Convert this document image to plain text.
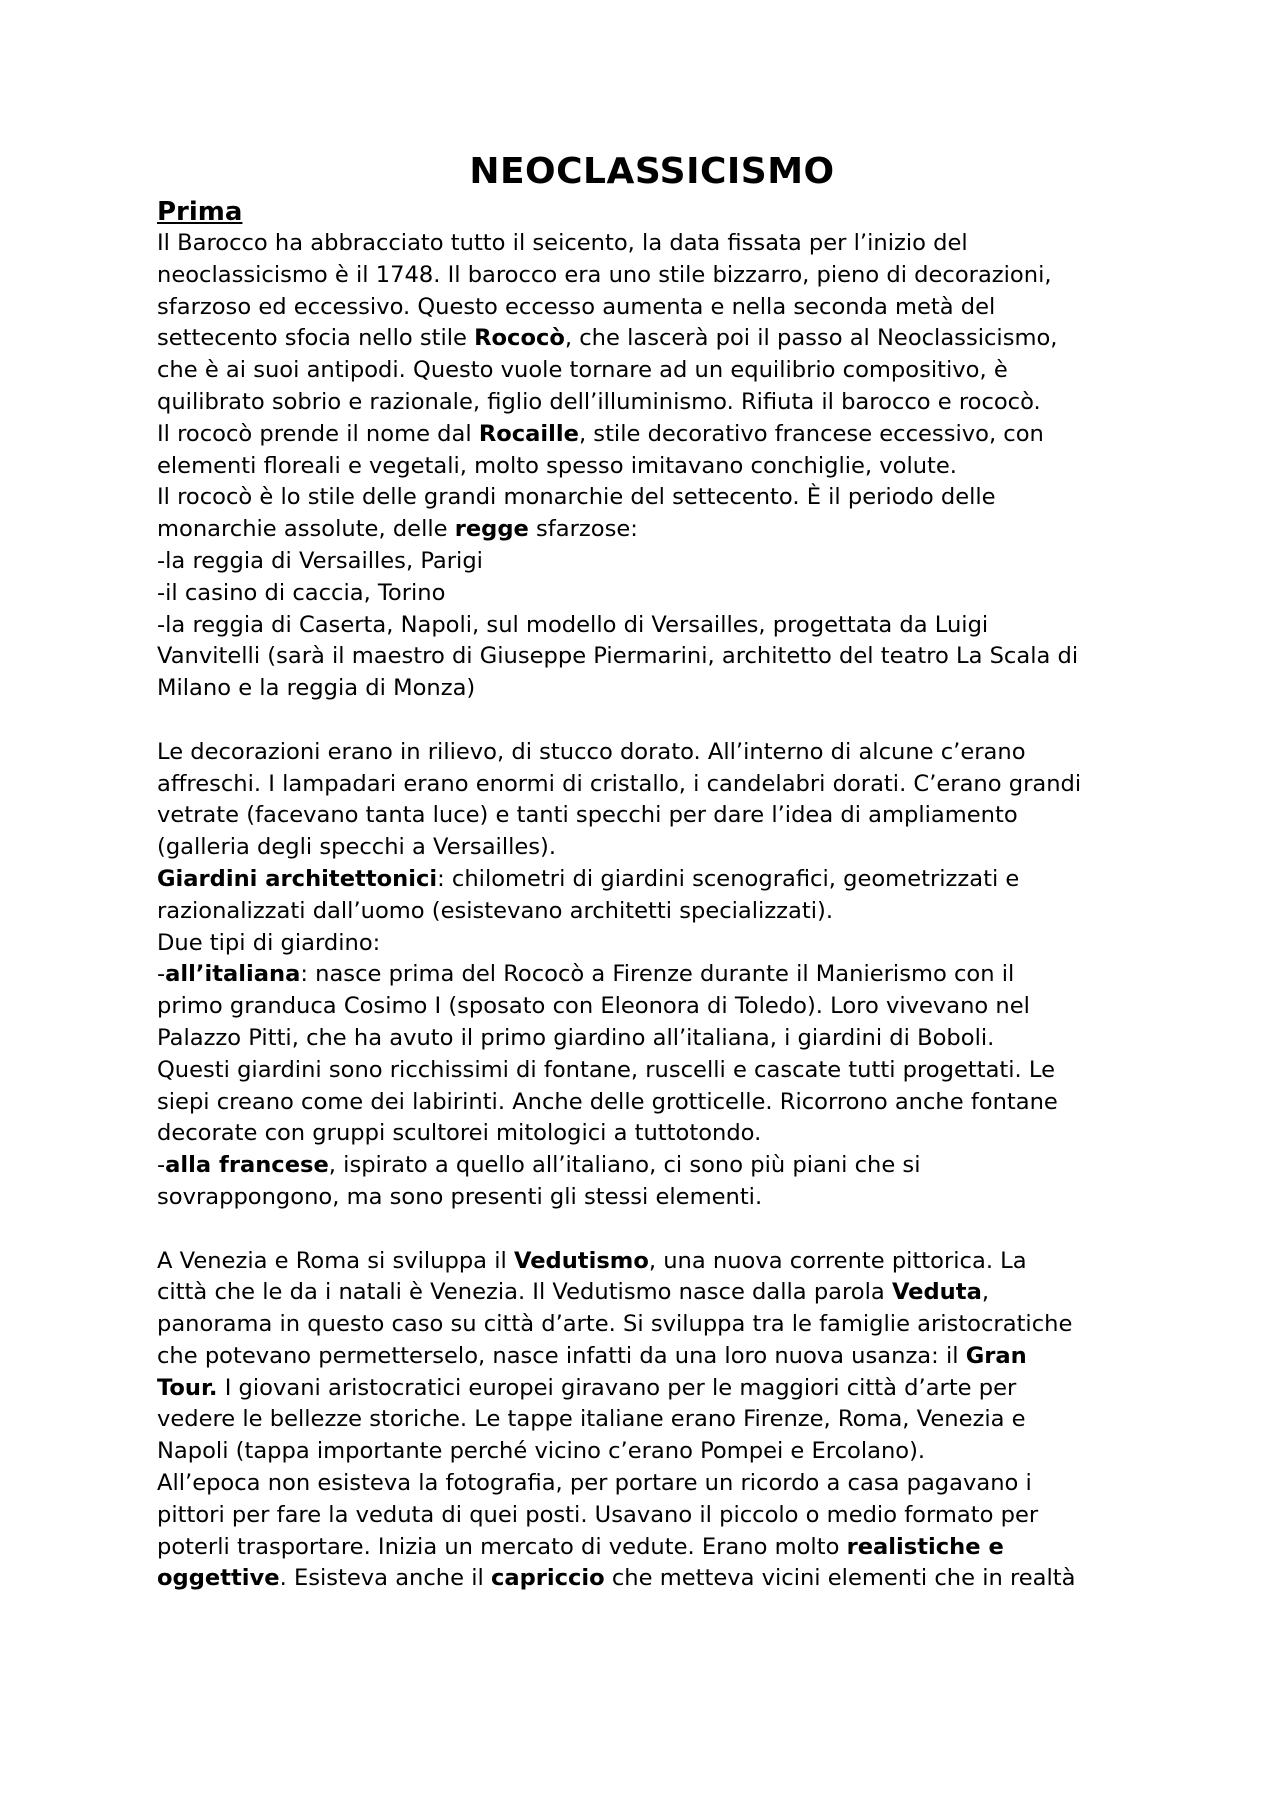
NEOCLASSICISMO
Prima
Il Barocco ha abbracciato tutto il seicento, la data fissata per l’inizio del
neoclassicismo è il 1748. Il barocco era uno stile bizzarro, pieno di decorazioni,
sfarzoso ed eccessivo. Questo eccesso aumenta e nella seconda metà del
settecento sfocia nello stile Rococò, che lascerà poi il passo al Neoclassicismo,
che è ai suoi antipodi. Questo vuole tornare ad un equilibrio compositivo, è
quilibrato sobrio e razionale, figlio dell’illuminismo. Rifiuta il barocco e rococò.
Il rococò prende il nome dal Rocaille, stile decorativo francese eccessivo, con
elementi floreali e vegetali, molto spesso imitavano conchiglie, volute.
Il rococò è lo stile delle grandi monarchie del settecento. È il periodo delle
monarchie assolute, delle regge sfarzose:
-la reggia di Versailles, Parigi
-il casino di caccia, Torino
-la reggia di Caserta, Napoli, sul modello di Versailles, progettata da Luigi
Vanvitelli (sarà il maestro di Giuseppe Piermarini, architetto del teatro La Scala di
Milano e la reggia di Monza)
Le decorazioni erano in rilievo, di stucco dorato. All’interno di alcune c’erano
affreschi. I lampadari erano enormi di cristallo, i candelabri dorati. C’erano grandi
vetrate (facevano tanta luce) e tanti specchi per dare l’idea di ampliamento
(galleria degli specchi a Versailles).
Giardini architettonici: chilometri di giardini scenografici, geometrizzati e
razionalizzati dall’uomo (esistevano architetti specializzati).
Due tipi di giardino:
-all’italiana: nasce prima del Rococò a Firenze durante il Manierismo con il
primo granduca Cosimo I (sposato con Eleonora di Toledo). Loro vivevano nel
Palazzo Pitti, che ha avuto il primo giardino all’italiana, i giardini di Boboli.
Questi giardini sono ricchissimi di fontane, ruscelli e cascate tutti progettati. Le
siepi creano come dei labirinti. Anche delle grotticelle. Ricorrono anche fontane
decorate con gruppi scultorei mitologici a tuttotondo.
-alla francese, ispirato a quello all’italiano, ci sono più piani che si
sovrappongono, ma sono presenti gli stessi elementi.
A Venezia e Roma si sviluppa il Vedutismo, una nuova corrente pittorica. La
città che le da i natali è Venezia. Il Vedutismo nasce dalla parola Veduta,
panorama in questo caso su città d’arte. Si sviluppa tra le famiglie aristocratiche
che potevano permetterselo, nasce infatti da una loro nuova usanza: il Gran
Tour. I giovani aristocratici europei giravano per le maggiori città d’arte per
vedere le bellezze storiche. Le tappe italiane erano Firenze, Roma, Venezia e
Napoli (tappa importante perché vicino c’erano Pompei e Ercolano).
All’epoca non esisteva la fotografia, per portare un ricordo a casa pagavano i
pittori per fare la veduta di quei posti. Usavano il piccolo o medio formato per
poterli trasportare. Inizia un mercato di vedute. Erano molto realistiche e
oggettive. Esisteva anche il capriccio che metteva vicini elementi che in realtà
